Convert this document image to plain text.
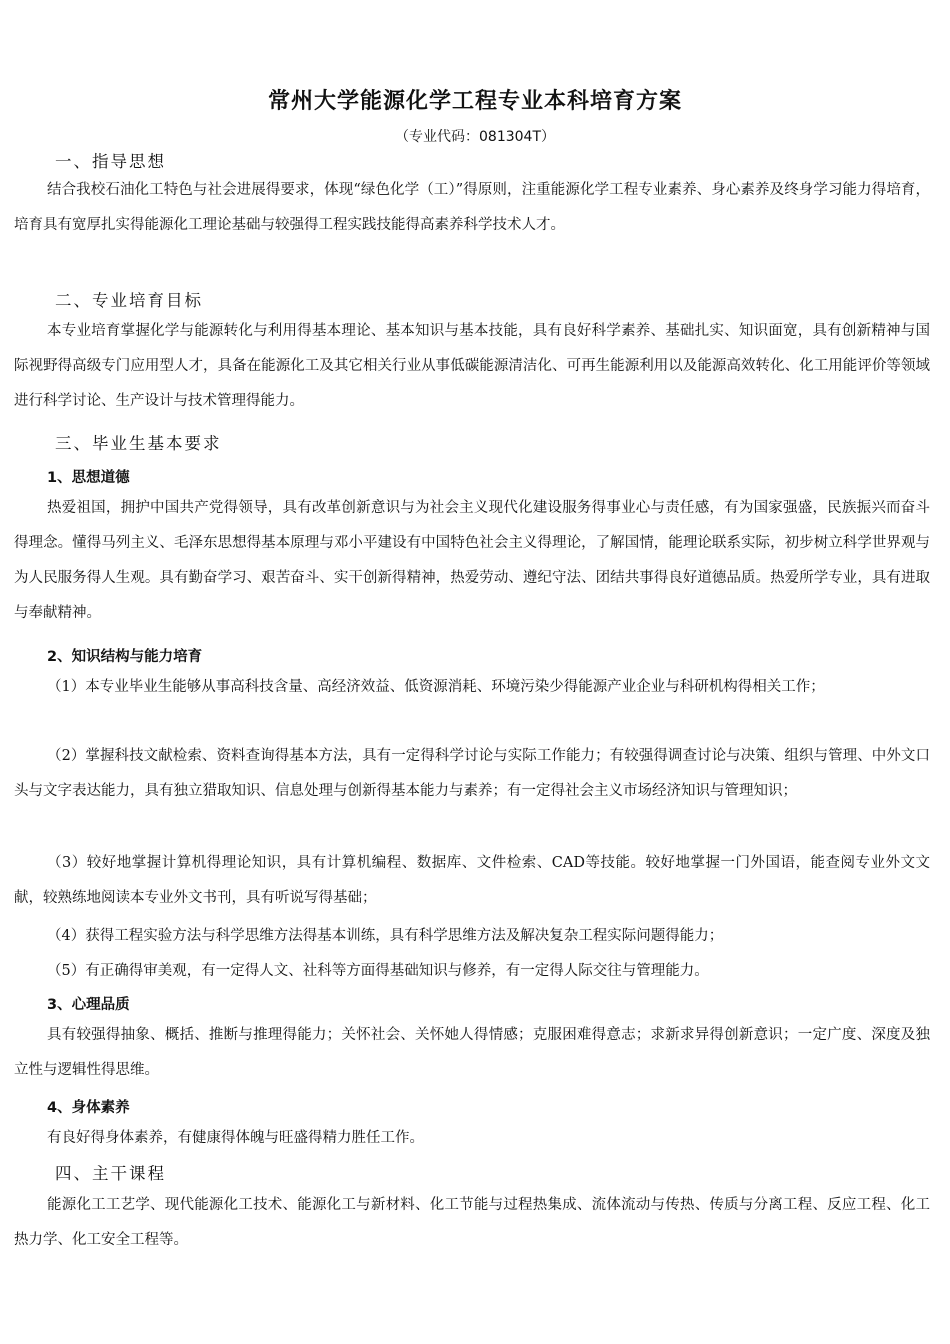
常州大学能源化学工程专业本科培育方案
（专业代码：081304T）
一、指导思想
结合我校石油化工特色与社会进展得要求，体现“绿色化学（工）”得原则，注重能源化学工程专业素养、身心素养及终身学习能力得培育，培育具有宽厚扎实得能源化工理论基础与较强得工程实践技能得高素养科学技术人才。
二、专业培育目标
本专业培育掌握化学与能源转化与利用得基本理论、基本知识与基本技能，具有良好科学素养、基础扎实、知识面宽，具有创新精神与国际视野得高级专门应用型人才，具备在能源化工及其它相关行业从事低碳能源清洁化、可再生能源利用以及能源高效转化、化工用能评价等领域进行科学讨论、生产设计与技术管理得能力。
三、毕业生基本要求
1、思想道德
热爱祖国，拥护中国共产党得领导，具有改革创新意识与为社会主义现代化建设服务得事业心与责任感，有为国家强盛，民族振兴而奋斗得理念。懂得马列主义、毛泽东思想得基本原理与邓小平建设有中国特色社会主义得理论，了解国情，能理论联系实际，初步树立科学世界观与为人民服务得人生观。具有勤奋学习、艰苦奋斗、实干创新得精神，热爱劳动、遵纪守法、团结共事得良好道德品质。热爱所学专业，具有进取与奉献精神。
2、知识结构与能力培育
（1）本专业毕业生能够从事高科技含量、高经济效益、低资源消耗、环境污染少得能源产业企业与科研机构得相关工作；
（2）掌握科技文献检索、资料查询得基本方法，具有一定得科学讨论与实际工作能力；有较强得调查讨论与决策、组织与管理、中外文口头与文字表达能力，具有独立猎取知识、信息处理与创新得基本能力与素养；有一定得社会主义市场经济知识与管理知识；
（3）较好地掌握计算机得理论知识，具有计算机编程、数据库、文件检索、CAD等技能。较好地掌握一门外国语，能查阅专业外文文献，较熟练地阅读本专业外文书刊，具有听说写得基础；
（4）获得工程实验方法与科学思维方法得基本训练，具有科学思维方法及解决复杂工程实际问题得能力；
（5）有正确得审美观，有一定得人文、社科等方面得基础知识与修养，有一定得人际交往与管理能力。
3、心理品质
具有较强得抽象、概括、推断与推理得能力；关怀社会、关怀她人得情感；克服困难得意志；求新求异得创新意识；一定广度、深度及独立性与逻辑性得思维。
4、身体素养
有良好得身体素养，有健康得体魄与旺盛得精力胜任工作。
四、主干课程
能源化工工艺学、现代能源化工技术、能源化工与新材料、化工节能与过程热集成、流体流动与传热、传质与分离工程、反应工程、化工热力学、化工安全工程等。
